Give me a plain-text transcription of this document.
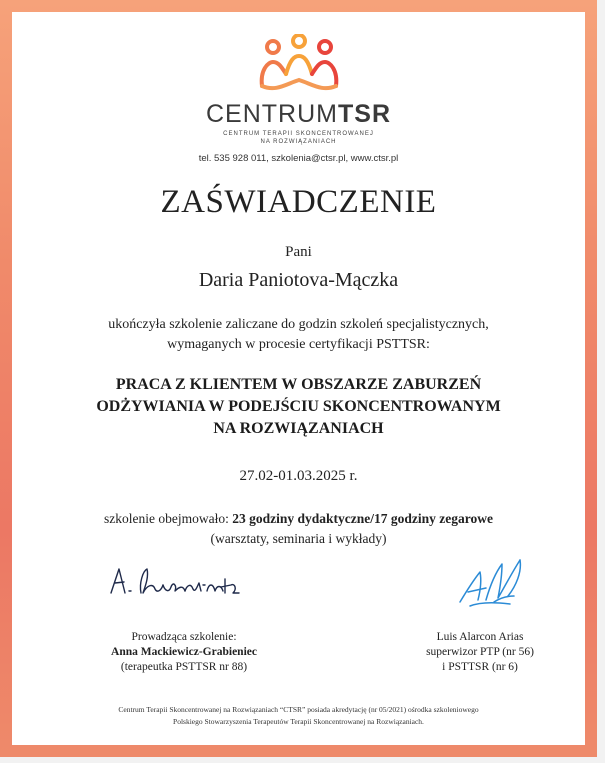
CENTRUMTSR
CENTRUM TERAPII SKONCENTROWANEJ
NA ROZWIĄZANIACH
tel. 535 928 011, szkolenia@ctsr.pl, www.ctsr.pl
ZAŚWIADCZENIE
Pani
Daria Paniotova-Mączka
ukończyła szkolenie zaliczane do godzin szkoleń specjalistycznych,
wymaganych w procesie certyfikacji PSTTSR:
PRACA Z KLIENTEM W OBSZARZE ZABURZEŃ
ODŻYWIANIA W PODEJŚCIU SKONCENTROWANYM
NA ROZWIĄZANIACH
27.02-01.03.2025 r.
szkolenie obejmowało: 23 godziny dydaktyczne/17 godziny zegarowe
(warsztaty, seminaria i wykłady)
Prowadząca szkolenie:
Anna Mackiewicz-Grabieniec
(terapeutka PSTTSR nr 88)
Luis Alarcon Arias
superwizor PTP (nr 56)
i PSTTSR (nr 6)
Centrum Terapii Skoncentrowanej na Rozwiązaniach “CTSR” posiada akredytację (nr 05/2021) ośrodka szkoleniowego
Polskiego Stowarzyszenia Terapeutów Terapii Skoncentrowanej na Rozwiązaniach.
